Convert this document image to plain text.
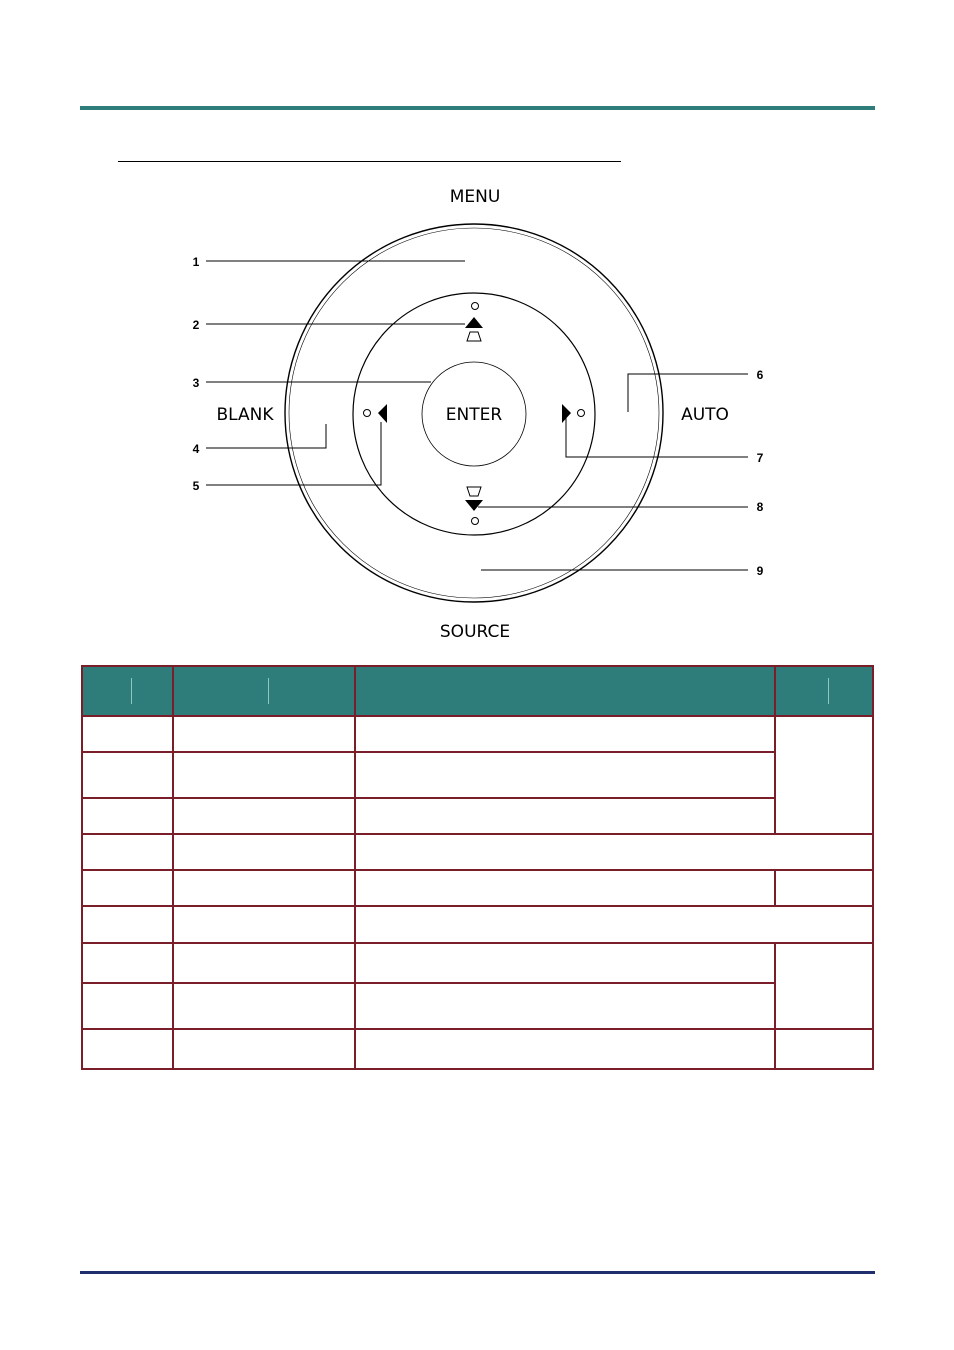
MENU
SOURCE
BLANK	AUTO
ENTER
1
2
3
4
5
6
7
8
9
